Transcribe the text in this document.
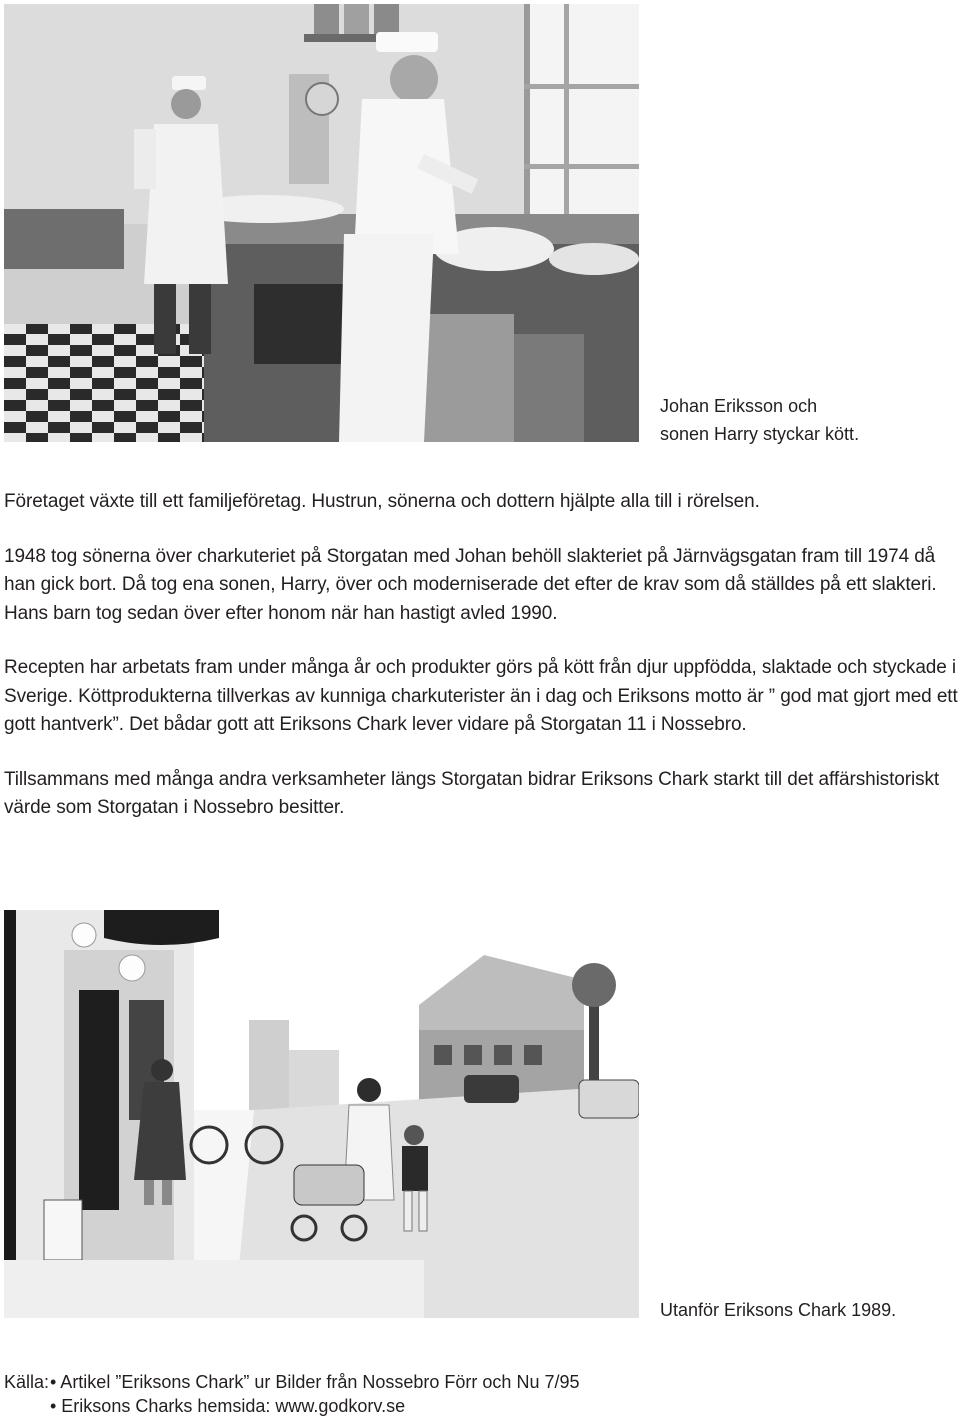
Johan Eriksson och
sonen Harry styckar kött.

Företaget växte till ett familjeföretag. Hustrun, sönerna och dottern hjälpte alla till i rörelsen.

1948 tog sönerna över charkuteriet på Storgatan med Johan behöll slakteriet på Järnvägsgatan fram till 1974 då han gick bort. Då tog ena sonen, Harry, över och moderniserade det efter de krav som då ställdes på ett slakteri. Hans barn tog sedan över efter honom när han hastigt avled 1990.

Recepten har arbetats fram under många år och produkter görs på kött från djur uppfödda, slaktade och styckade i Sverige. Köttprodukterna tillverkas av kunniga charkuterister än i dag och Eriksons motto är ” god mat gjort med ett gott hantverk”. Det bådar gott att Eriksons Chark lever vidare på Storgatan 11 i Nossebro.

Tillsammans med många andra verksamheter längs Storgatan bidrar Eriksons Chark starkt till det affärshistoriskt värde som Storgatan i Nossebro besitter.

Nossebro
Utanför Eriksons Chark 1989.
Källa: • Artikel ”Eriksons Chark” ur Bilder från Nossebro Förr och Nu 7/95
• Eriksons Charks hemsida: www.godkorv.se
